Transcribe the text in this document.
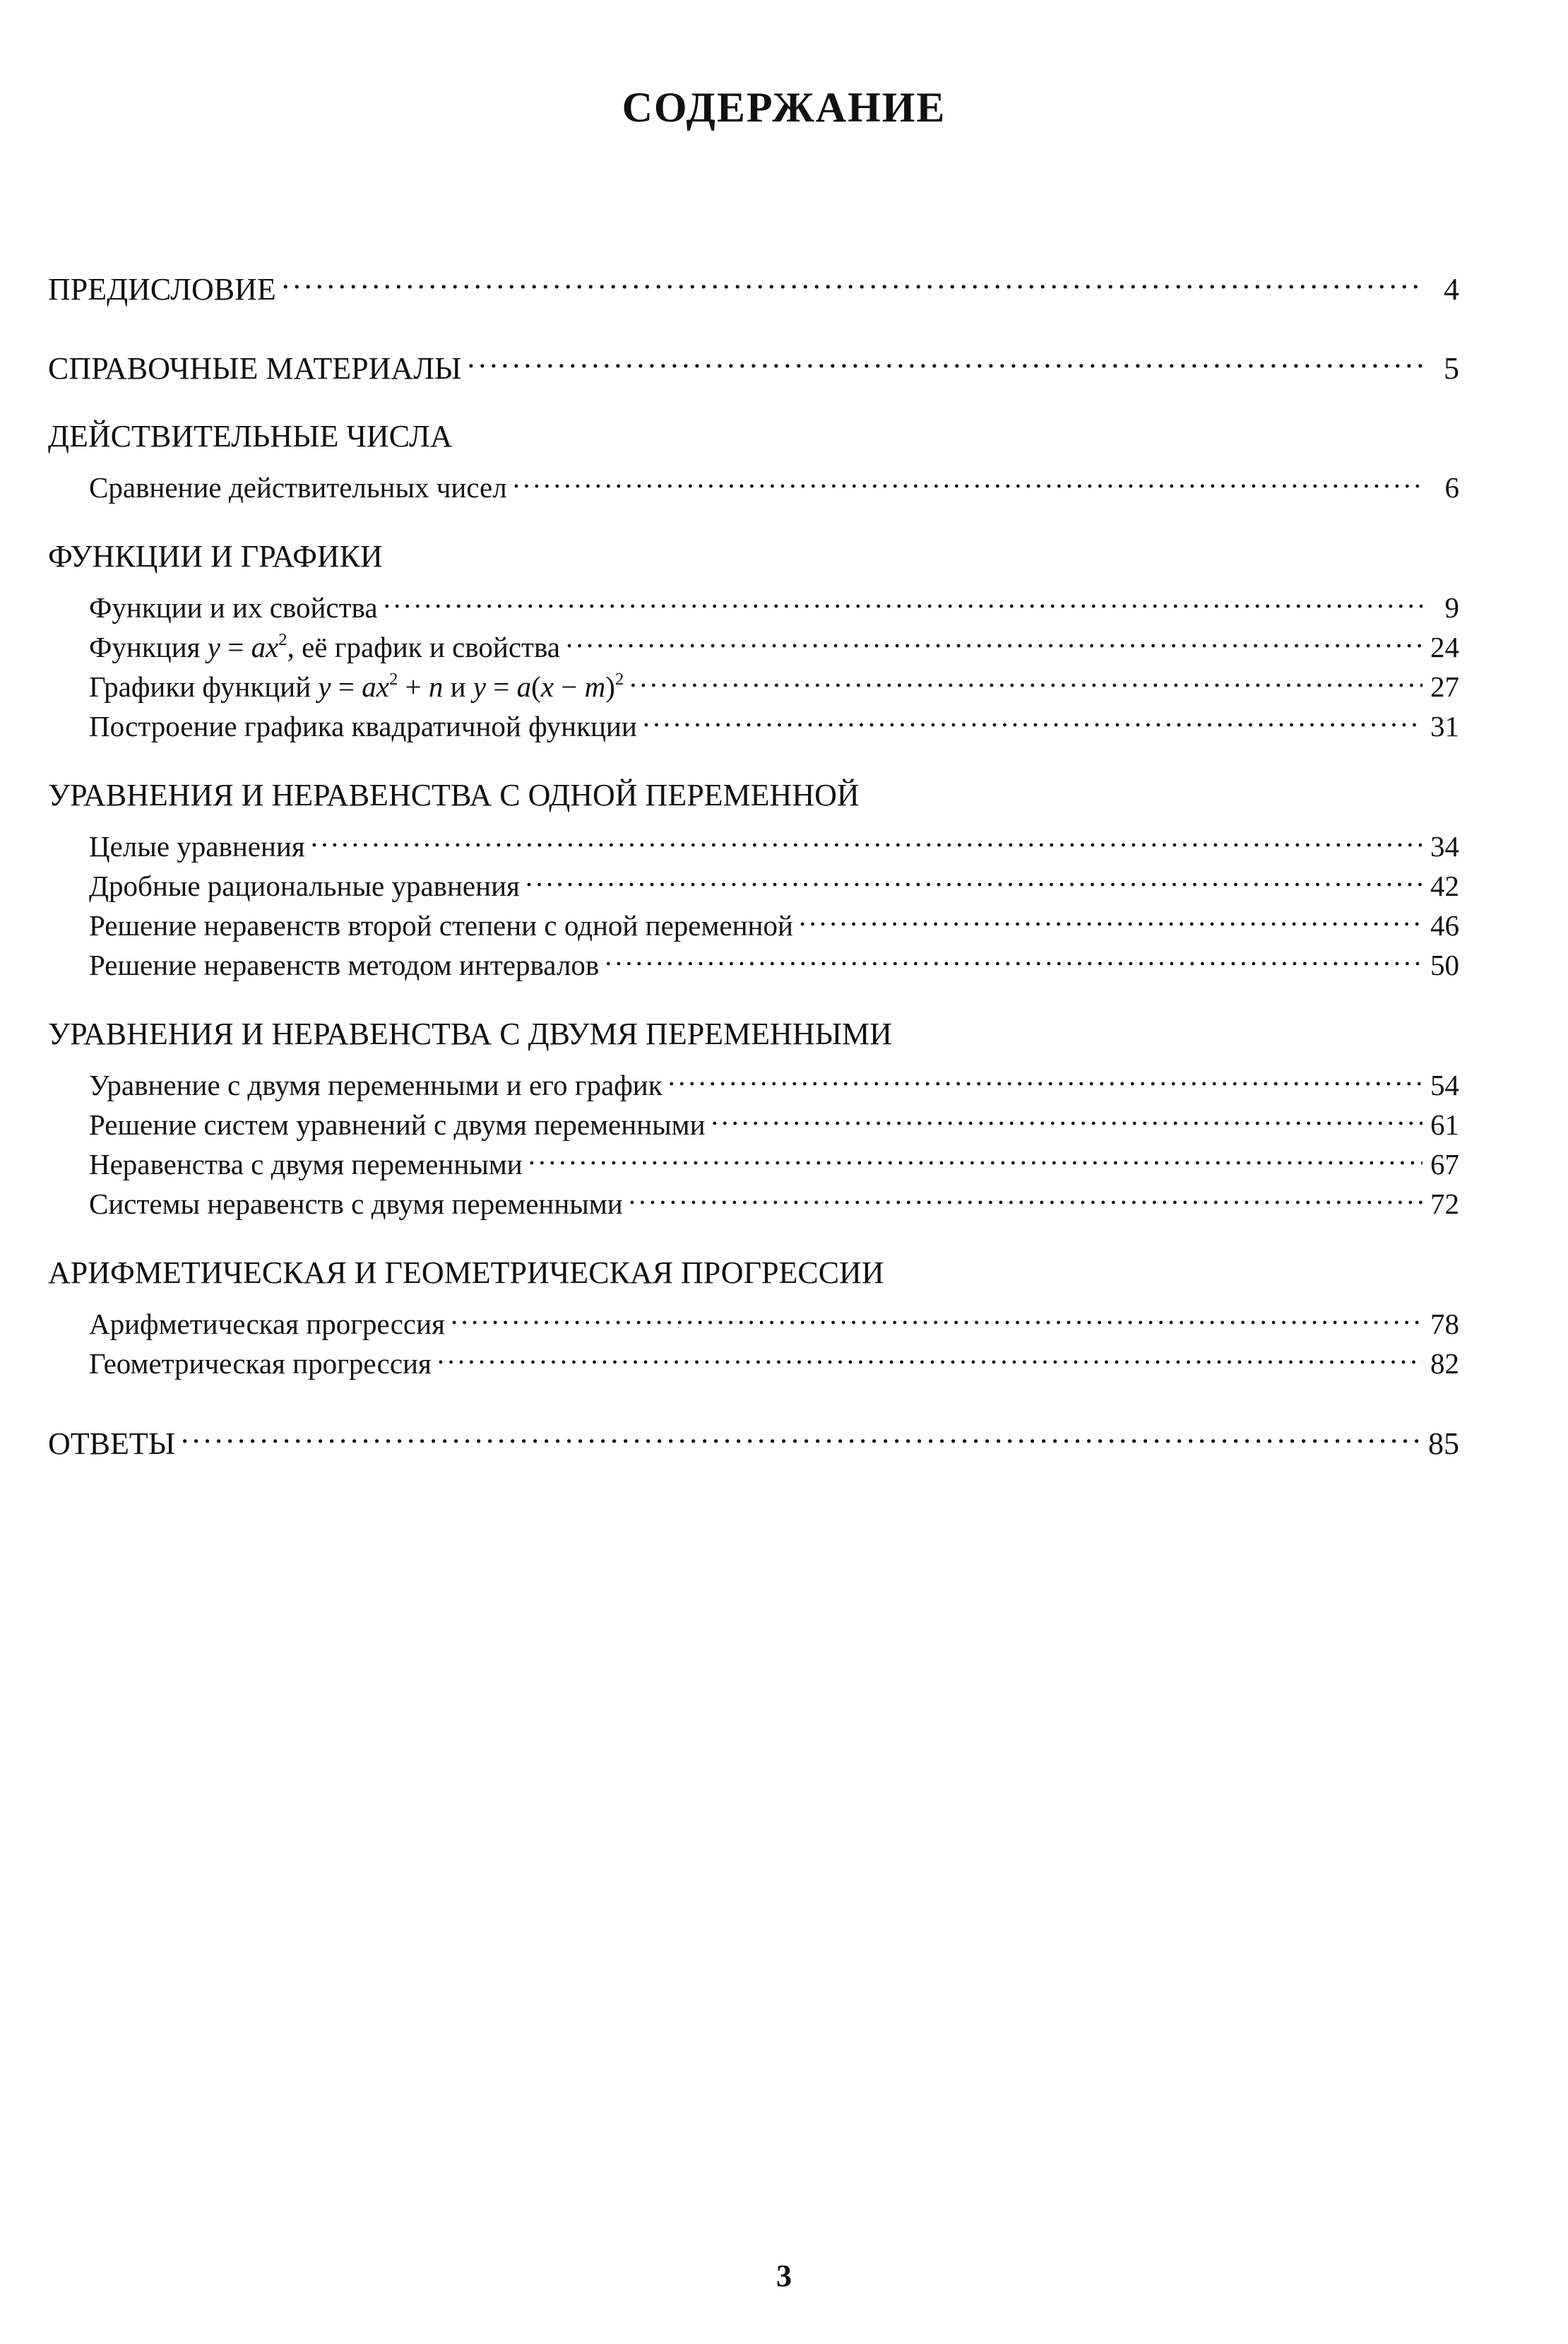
СОДЕРЖАНИЕ
ПРЕДИСЛОВИЕ . . .	4
СПРАВОЧНЫЕ МАТЕРИАЛЫ . . .	5
ДЕЙСТВИТЕЛЬНЫЕ ЧИСЛА
Сравнение действительных чисел . . .	6
ФУНКЦИИ И ГРАФИКИ
Функции и их свойства . . .	9
Функция $y = ax^2$, её график и свойства . . .	24
Графики функций $y = ax^2 + n$ и $y = a(x - m)^2$ . . .	27
Построение графика квадратичной функции . . .	31
УРАВНЕНИЯ И НЕРАВЕНСТВА С ОДНОЙ ПЕРЕМЕННОЙ
Целые уравнения . . .	34
Дробные рациональные уравнения . . .	42
Решение неравенств второй степени с одной переменной . . .	46
Решение неравенств методом интервалов . . .	50
УРАВНЕНИЯ И НЕРАВЕНСТВА С ДВУМЯ ПЕРЕМЕННЫМИ
Уравнение с двумя переменными и его график . . .	54
Решение систем уравнений с двумя переменными . . .	61
Неравенства с двумя переменными . . .	67
Системы неравенств с двумя переменными . . .	72
АРИФМЕТИЧЕСКАЯ И ГЕОМЕТРИЧЕСКАЯ ПРОГРЕССИИ
Арифметическая прогрессия . . .	78
Геометрическая прогрессия . . .	82
ОТВЕТЫ . . .	85
3
